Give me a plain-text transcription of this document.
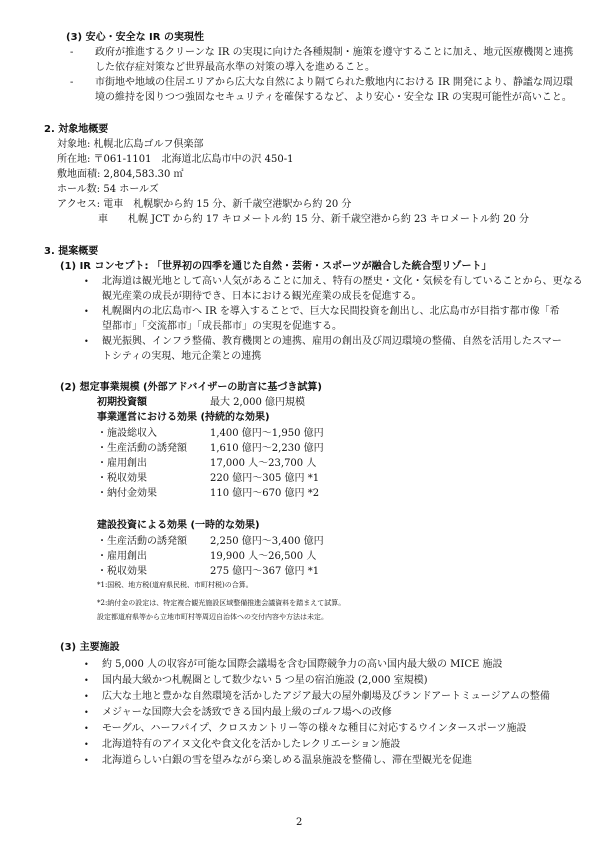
(3) 安心・安全な IR の実現性
- 政府が推進するクリーンな IR の実現に向けた各種規制・施策を遵守することに加え、地元医療機関と連携
した依存症対策など世界最高水準の対策の導入を進めること。
- 市街地や地域の住居エリアから広大な自然により隔てられた敷地内における IR 開発により、静謐な周辺環
境の維持を図りつつ強固なセキュリティを確保するなど、より安心・安全な IR の実現可能性が高いこと。
2. 対象地概要
対象地: 札幌北広島ゴルフ倶楽部
所在地: 〒061-1101　北海道北広島市中の沢 450-1
敷地面積: 2,804,583.30 ㎡
ホール数: 54 ホールズ
アクセス: 電車　札幌駅から約 15 分、新千歳空港駅から約 20 分
車　　札幌 JCT から約 17 キロメートル約 15 分、新千歳空港から約 23 キロメートル約 20 分
3. 提案概要
(1) IR コンセプト: 「世界初の四季を通じた自然・芸術・スポーツが融合した統合型リゾート」
• 北海道は観光地として高い人気があることに加え、特有の歴史・文化・気候を有していることから、更なる
観光産業の成長が期待でき、日本における観光産業の成長を促進する。
• 札幌圏内の北広島市へ IR を導入することで、巨大な民間投資を創出し、北広島市が目指す都市像「希
望都市」「交流都市」「成長都市」の実現を促進する。
• 観光振興、インフラ整備、教育機関との連携、雇用の創出及び周辺環境の整備、自然を活用したスマー
トシティの実現、地元企業との連携
(2) 想定事業規模 (外部アドバイザーの助言に基づき試算)
初期投資額	最大 2,000 億円規模
事業運営における効果 (持続的な効果)
・施設総収入	1,400 億円～1,950 億円
・生産活動の誘発額 1,610 億円～2,230 億円
・雇用創出	17,000 人～23,700 人
・税収効果	220 億円～305 億円 *1
・納付金効果	110 億円～670 億円 *2
建設投資による効果 (一時的な効果)
・生産活動の誘発額 2,250 億円～3,400 億円
・雇用創出	19,900 人～26,500 人
・税収効果	275 億円～367 億円 *1
*1:国税、地方税(道府県民税、市町村税)の合算。
*2:納付金の設定は、特定複合観光施設区域整備推進会議資料を踏まえて試算。
設定都道府県等から立地市町村等周辺自治体への交付内容や方法は未定。
(3) 主要施設
• 約 5,000 人の収容が可能な国際会議場を含む国際競争力の高い国内最大級の MICE 施設
• 国内最大級かつ札幌圏として数少ない 5 つ星の宿泊施設 (2,000 室規模)
• 広大な土地と豊かな自然環境を活かしたアジア最大の屋外劇場及びランドアートミュージアムの整備
• メジャーな国際大会を誘致できる国内最上級のゴルフ場への改修
• モーグル、ハーフパイプ、クロスカントリー等の様々な種目に対応するウインタースポーツ施設
• 北海道特有のアイヌ文化や食文化を活かしたレクリエーション施設
• 北海道らしい白銀の雪を望みながら楽しめる温泉施設を整備し、滞在型観光を促進
2
